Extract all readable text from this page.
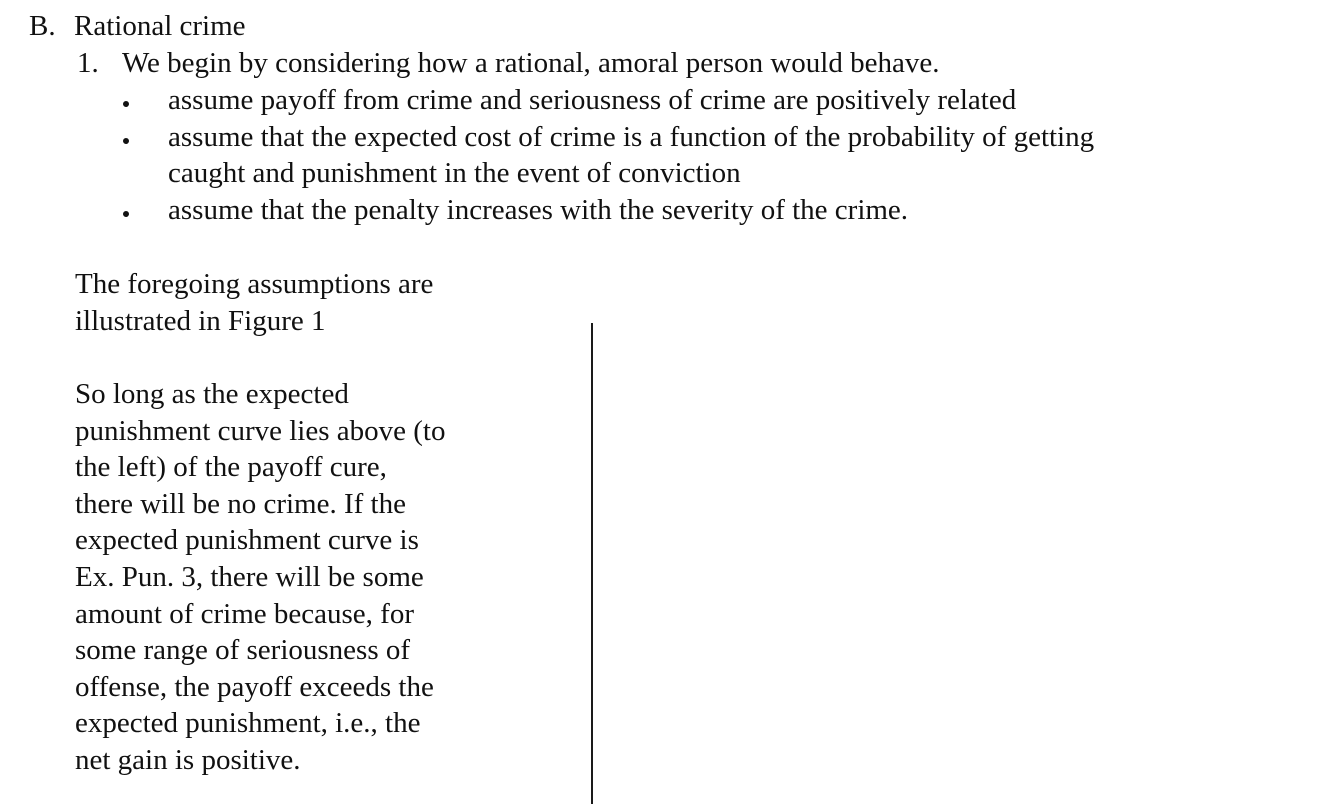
B. Rational crime
1. We begin by considering how a rational, amoral person would behave.
assume payoff from crime and seriousness of crime are positively related
assume that the expected cost of crime is a function of the probability of getting
caught and punishment in the event of conviction
assume that the penalty increases with the severity of the crime.
The foregoing assumptions are
illustrated in Figure 1
So long as the expected
punishment curve lies above (to
the left) of the payoff cure,
there will be no crime. If the
expected punishment curve is
Ex. Pun. 3, there will be some
amount of crime because, for
some range of seriousness of
offense, the payoff exceeds the
expected punishment, i.e., the
net gain is positive.
